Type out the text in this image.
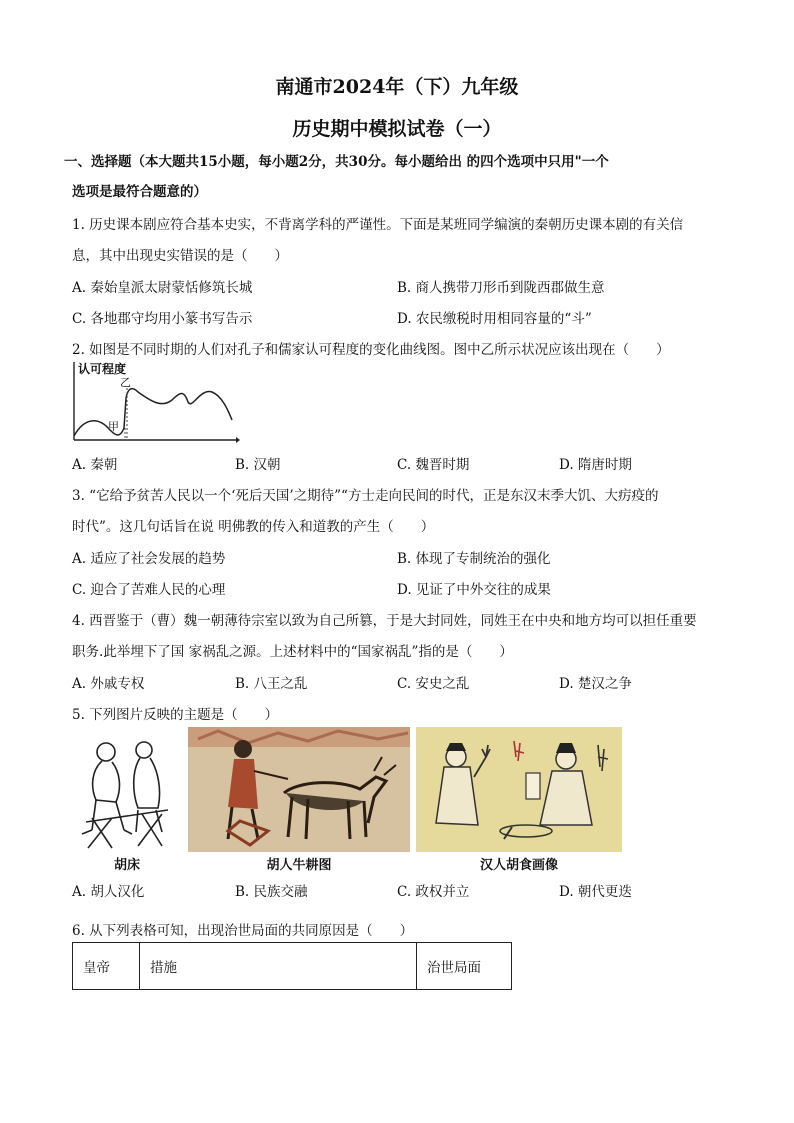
南通市2024年（下）九年级
历史期中模拟试卷（一）
一、选择题（本大题共15小题，每小题2分，共30分。每小题给出 的四个选项中只用"一个
选项是最符合题意的）
1. 历史课本剧应符合基本史实，不背离学科的严谨性。下面是某班同学编演的秦朝历史课本剧的有关信
息，其中出现史实错误的是（　　）
A. 秦始皇派太尉蒙恬修筑长城	B. 商人携带刀形币到陇西郡做生意
C. 各地郡守均用小篆书写告示	D. 农民缴税时用相同容量的“斗”
2. 如图是不同时期的人们对孔子和儒家认可程度的变化曲线图。图中乙所示状况应该出现在（　　）
认可程度
甲
乙
A. 秦朝	B. 汉朝	C. 魏晋时期	D. 隋唐时期
3. “它给予贫苦人民以一个‘死后天国’之期待”“方士走向民间的时代，正是东汉末季大饥、大疠疫的
时代”。这几句话旨在说 明佛教的传入和道教的产生（　　）
A. 适应了社会发展的趋势	B. 体现了专制统治的强化
C. 迎合了苦难人民的心理	D. 见证了中外交往的成果
4. 西晋鉴于（曹）魏一朝薄待宗室以致为自己所篡，于是大封同姓，同姓王在中央和地方均可以担任重要
职务.此举埋下了国 家祸乱之源。上述材料中的“国家祸乱”指的是（　　）
A. 外戚专权	B. 八王之乱	C. 安史之乱	D. 楚汉之争
5. 下列图片反映的主题是（　　）
胡床	胡人牛耕图	汉人胡食画像
A. 胡人汉化	B. 民族交融	C. 政权并立	D. 朝代更迭
6. 从下列表格可知，出现治世局面的共同原因是（　　）
皇帝	措施	治世局面
